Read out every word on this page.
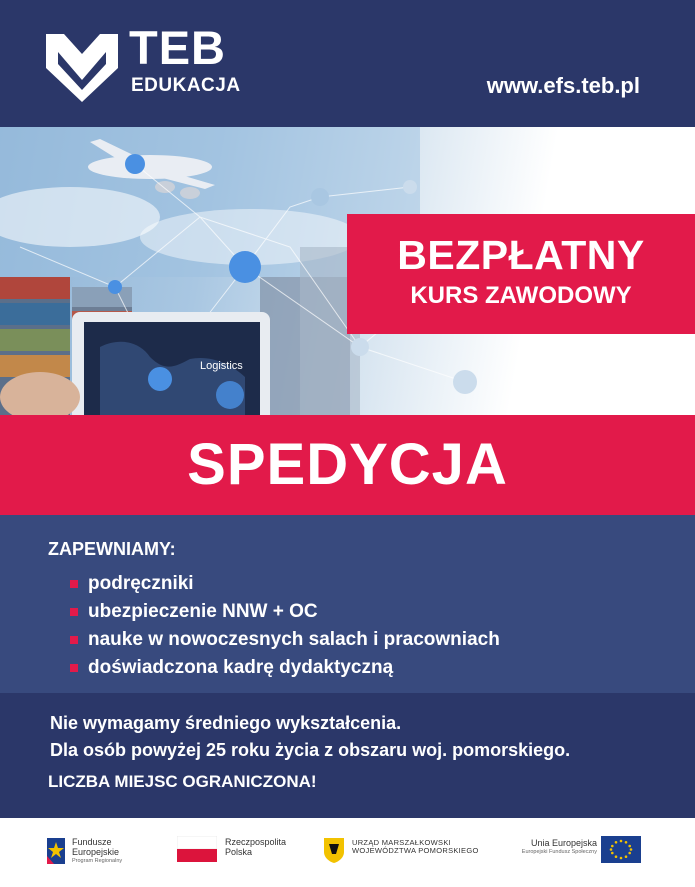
TEB
EDUKACJA	www.efs.teb.pl
Logistics
BEZPŁATNY
KURS ZAWODOWY
SPEDYCJA
ZAPEWNIAMY:
podręczniki
ubezpieczenie NNW + OC
nauke w nowoczesnych salach i pracowniach
doświadczona kadrę dydaktyczną
Nie wymagamy średniego wykształcenia.
Dla osób powyżej 25 roku życia z obszaru woj. pomorskiego.
LICZBA MIEJSC OGRANICZONA!
Fundusze
Europejskie
Program Regionalny
Rzeczpospolita
Polska
URZĄD MARSZAŁKOWSKI
WOJEWÓDZTWA POMORSKIEGO
Unia Europejska
Europejski Fundusz Społeczny
